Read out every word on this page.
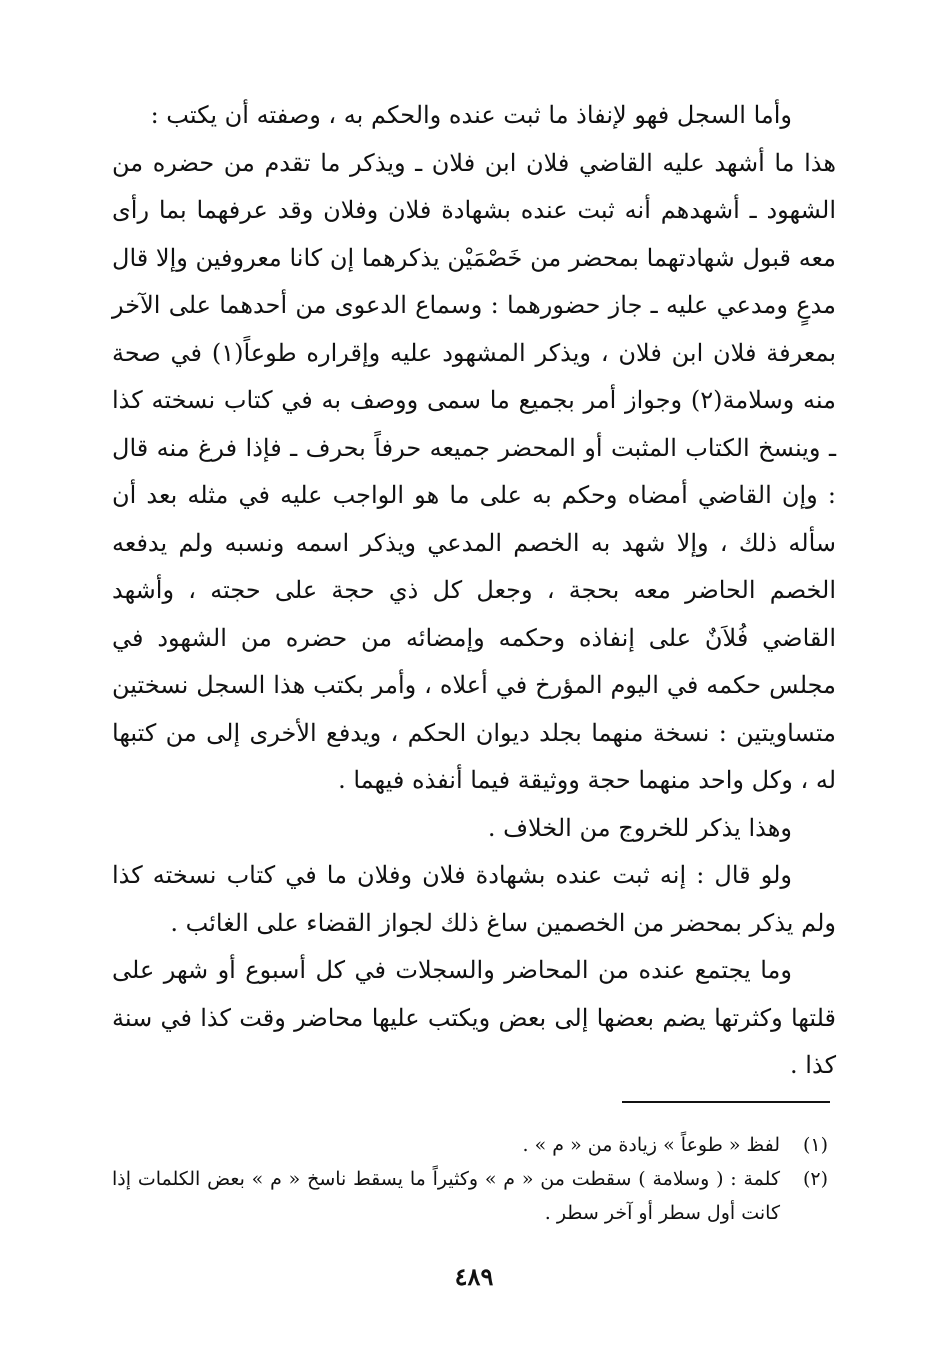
وأما السجل فهو لإنفاذ ما ثبت عنده والحكم به ، وصفته أن يكتب :

هذا ما أشهد عليه القاضي فلان ابن فلان ـ ويذكر ما تقدم من حضره من الشهود ـ أشهدهم أنه ثبت عنده بشهادة فلان وفلان وقد عرفهما بما رأى معه قبول شهادتهما بمحضر من خَصْمَيْن يذكرهما إن كانا معروفين وإلا قال مدعٍ ومدعي عليه ـ جاز حضورهما : وسماع الدعوى من أحدهما على الآخر بمعرفة فلان ابن فلان ، ويذكر المشهود عليه وإقراره طوعاً(١) في صحة منه وسلامة(٢) وجواز أمر بجميع ما سمى ووصف به في كتاب نسخته كذا ـ وينسخ الكتاب المثبت أو المحضر جميعه حرفاً بحرف ـ فإذا فرغ منه قال : وإن القاضي أمضاه وحكم به على ما هو الواجب عليه في مثله بعد أن سأله ذلك ، وإلا شهد به الخصم المدعي ويذكر اسمه ونسبه ولم يدفعه الخصم الحاضر معه بحجة ، وجعل كل ذي حجة على حجته ، وأشهد القاضي فُلاَنٌ على إنفاذه وحكمه وإمضائه من حضره من الشهود في مجلس حكمه في اليوم المؤرخ في أعلاه ، وأمر بكتب هذا السجل نسختين متساويتين : نسخة منهما بجلد ديوان الحكم ، ويدفع الأخرى إلى من كتبها له ، وكل واحد منهما حجة ووثيقة فيما أنفذه فيهما .

وهذا يذكر للخروج من الخلاف .

ولو قال : إنه ثبت عنده بشهادة فلان وفلان ما في كتاب نسخته كذا ولم يذكر بمحضر من الخصمين ساغ ذلك لجواز القضاء على الغائب .

وما يجتمع عنده من المحاضر والسجلات في كل أسبوع أو شهر على قلتها وكثرتها يضم بعضها إلى بعض ويكتب عليها محاضر وقت كذا في سنة كذا .

(١)
لفظ « طوعاً » زيادة من « م » .
(٢)
كلمة : ( وسلامة ) سقطت من « م » وكثيراً ما يسقط ناسخ « م » بعض الكلمات إذا كانت أول سطر أو آخر سطر .
٤٨٩
